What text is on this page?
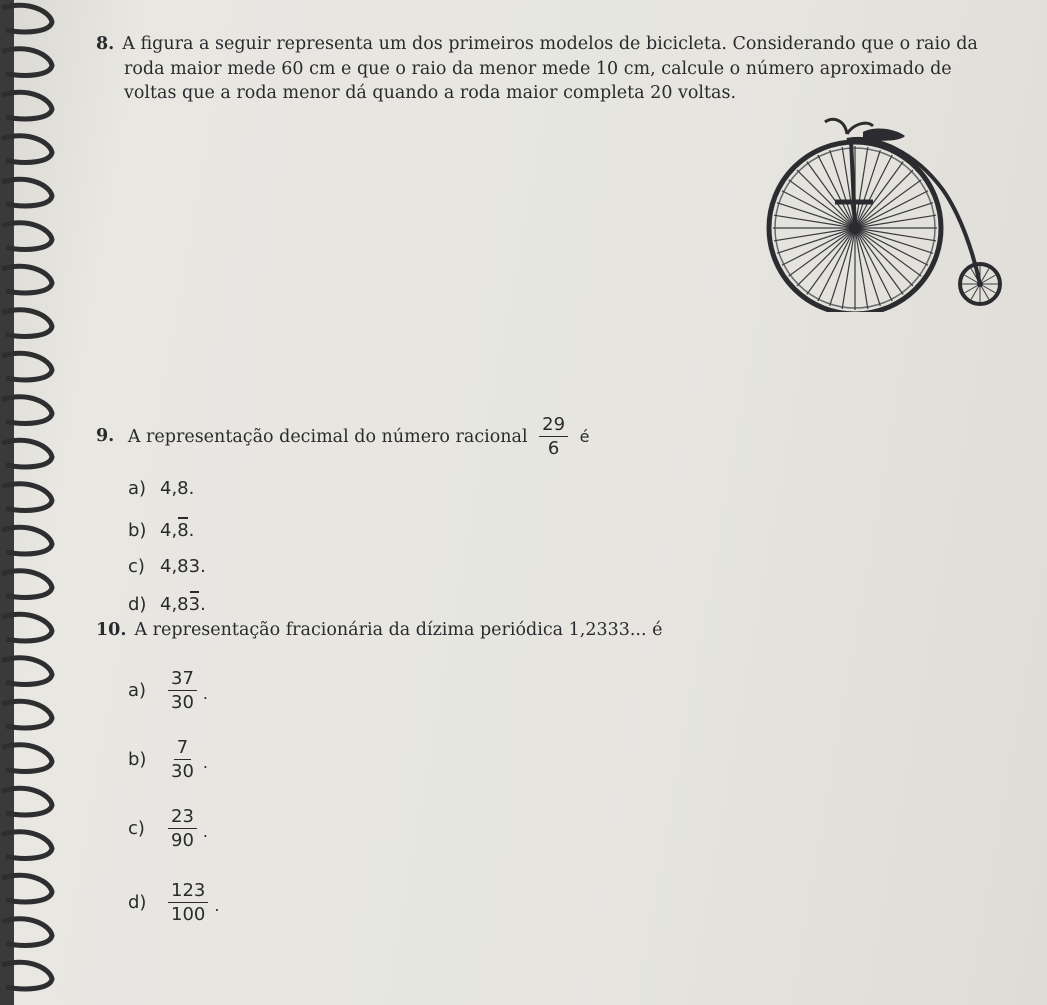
8. A figura a seguir representa um dos primeiros modelos de bicicleta. Considerando que o raio da
roda maior mede 60 cm e que o raio da menor mede 10 cm, calcule o número aproximado de
voltas que a roda menor dá quando a roda maior completa 20 voltas.
9. A representação decimal do número racional $\frac{29}{6}$ é
a) 4,8.
b) 4,8.
c) 4,83.
d) 4,83.
10. A representação fracionária da dízima periódica 1,2333... é
a)	$\frac{37}{30}$ .
b)	$\frac{7}{30}$ .
c)	$\frac{23}{90}$ .
d)	$\frac{123}{100}$ .
